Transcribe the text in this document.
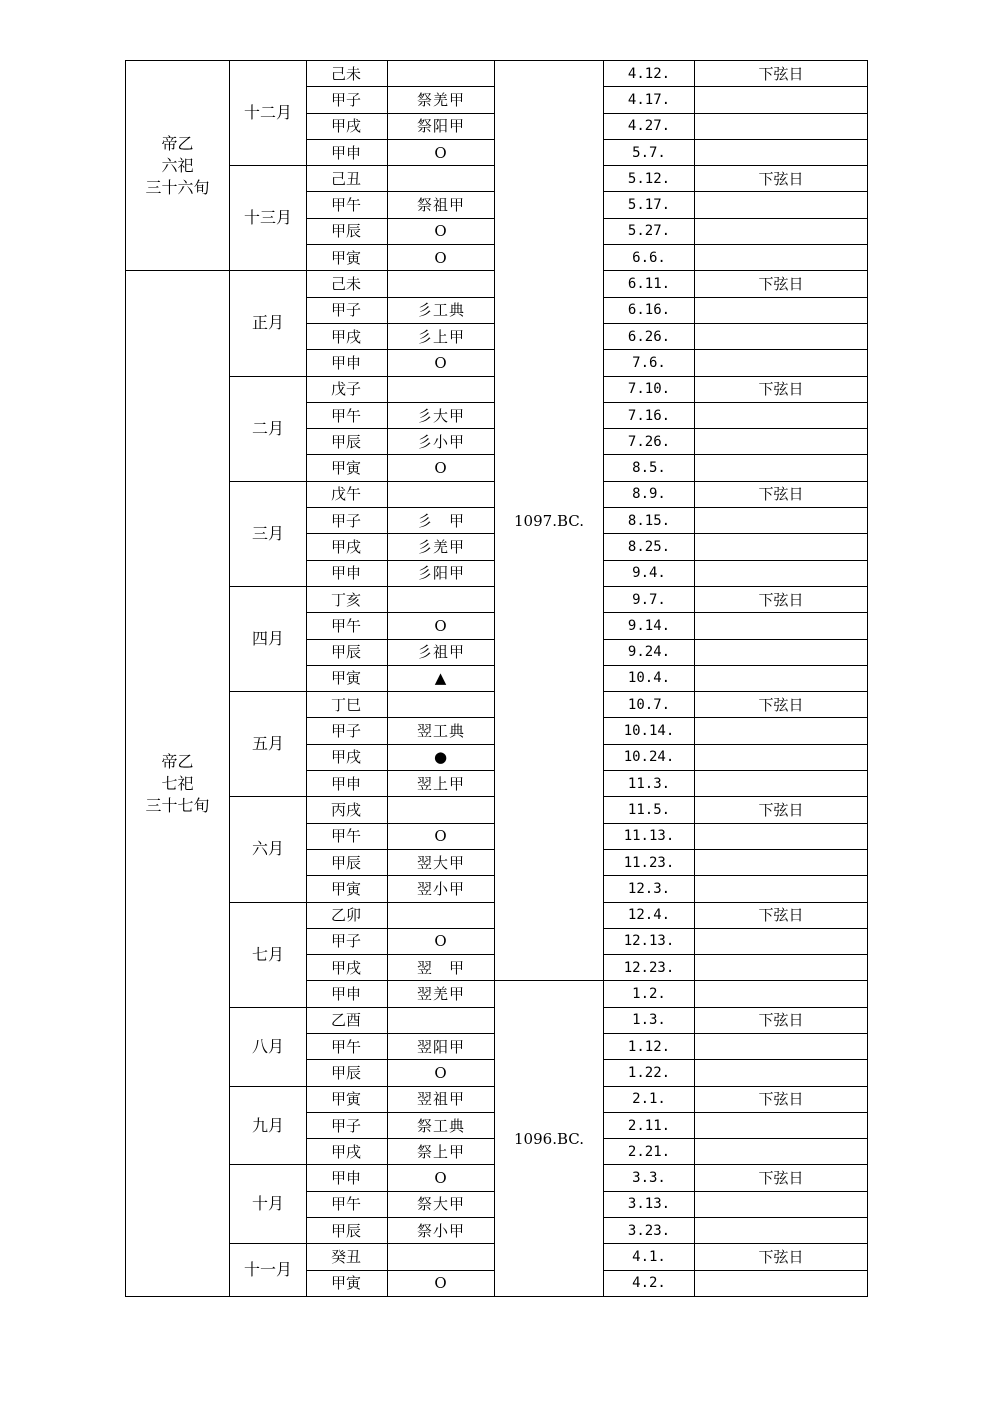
帝乙
六祀
三十六旬	十二月	己未		1097.BC.	4.12.	下弦日
		甲子	祭羌甲		4.17.	
		甲戌	祭阳甲		4.27.	
		甲申	O		5.7.	
	十三月	己丑			5.12.	下弦日
		甲午	祭祖甲		5.17.	
		甲辰	O		5.27.	
		甲寅	O		6.6.	

帝乙
七祀
三十七旬	正月	己未			6.11.	下弦日
		甲子	彡工典		6.16.	
		甲戌	彡上甲		6.26.	
		甲申	O		7.6.	
	二月	戊子			7.10.	下弦日
		甲午	彡大甲		7.16.	
		甲辰	彡小甲		7.26.	
		甲寅	O		8.5.	
	三月	戊午			8.9.	下弦日
		甲子	彡　甲		8.15.	
		甲戌	彡羌甲		8.25.	
		甲申	彡阳甲		9.4.	
	四月	丁亥			9.7.	下弦日
		甲午	O		9.14.	
		甲辰	彡祖甲		9.24.	
		甲寅	▲		10.4.	
	五月	丁巳			10.7.	下弦日
		甲子	翌工典		10.14.	
		甲戌	●		10.24.	
		甲申	翌上甲		11.3.	
	六月	丙戌			11.5.	下弦日
		甲午	O		11.13.	
		甲辰	翌大甲		11.23.	
		甲寅	翌小甲		12.3.	
	七月	乙卯			12.4.	下弦日
		甲子	O		12.13.	
		甲戌	翌　甲		12.23.	
		甲申	翌羌甲	1096.BC.	1.2.	
	八月	乙酉			1.3.	下弦日
		甲午	翌阳甲		1.12.	
		甲辰	O		1.22.	
	九月	甲寅	翌祖甲		2.1.	下弦日
		甲子	祭工典		2.11.	
		甲戌	祭上甲		2.21.	
	十月	甲申	O		3.3.	下弦日
		甲午	祭大甲		3.13.	
		甲辰	祭小甲		3.23.	
	十一月	癸丑			4.1.	下弦日
		甲寅	O		4.2.	
